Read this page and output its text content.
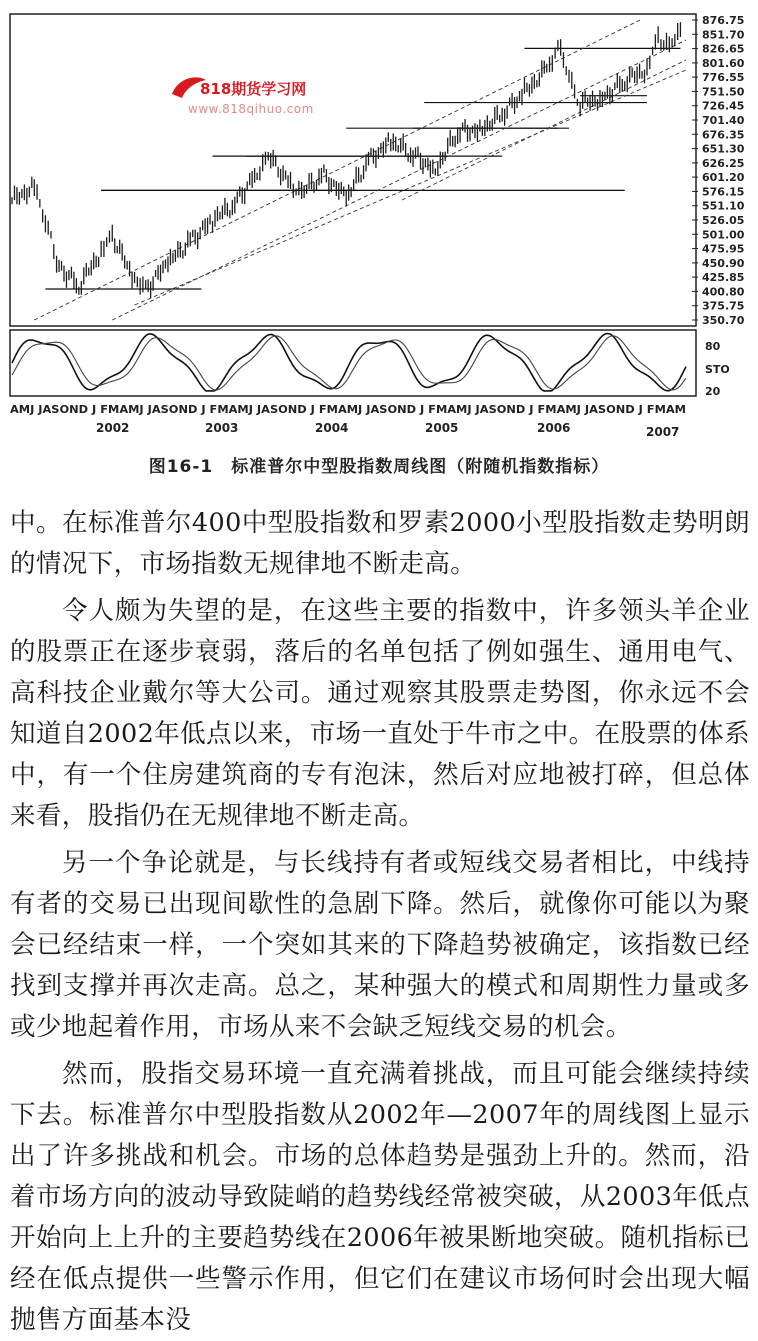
876.75
851.70
826.65
801.60
776.55
751.50
726.45
701.40
676.35
651.30
626.25
601.20
576.15
551.10
526.05
501.00
475.95
450.90
425.85
400.80
375.75
350.70
80
STO
20
818期货学习网
www.818qihuo.com
AMJ JASOND J FMAMJ JASOND J FMAMJ JASOND J FMAMJ JASOND J FMAMJ JASOND J FMAMJ JASOND J FMAM
2002	2003	2004	2005	2006	2007
图16-1　标准普尔中型股指数周线图（附随机指数指标）

中。在标准普尔400中型股指数和罗素2000小型股指数走势明朗的情况下，市场指数无规律地不断走高。

令人颇为失望的是，在这些主要的指数中，许多领头羊企业的股票正在逐步衰弱，落后的名单包括了例如强生、通用电气、高科技企业戴尔等大公司。通过观察其股票走势图，你永远不会知道自2002年低点以来，市场一直处于牛市之中。在股票的体系中，有一个住房建筑商的专有泡沫，然后对应地被打碎，但总体来看，股指仍在无规律地不断走高。

另一个争论就是，与长线持有者或短线交易者相比，中线持有者的交易已出现间歇性的急剧下降。然后，就像你可能以为聚会已经结束一样，一个突如其来的下降趋势被确定，该指数已经找到支撑并再次走高。总之，某种强大的模式和周期性力量或多或少地起着作用，市场从来不会缺乏短线交易的机会。

然而，股指交易环境一直充满着挑战，而且可能会继续持续下去。标准普尔中型股指数从2002年—2007年的周线图上显示出了许多挑战和机会。市场的总体趋势是强劲上升的。然而，沿着市场方向的波动导致陡峭的趋势线经常被突破，从2003年低点开始向上上升的主要趋势线在2006年被果断地突破。随机指标已经在低点提供一些警示作用，但它们在建议市场何时会出现大幅抛售方面基本没
